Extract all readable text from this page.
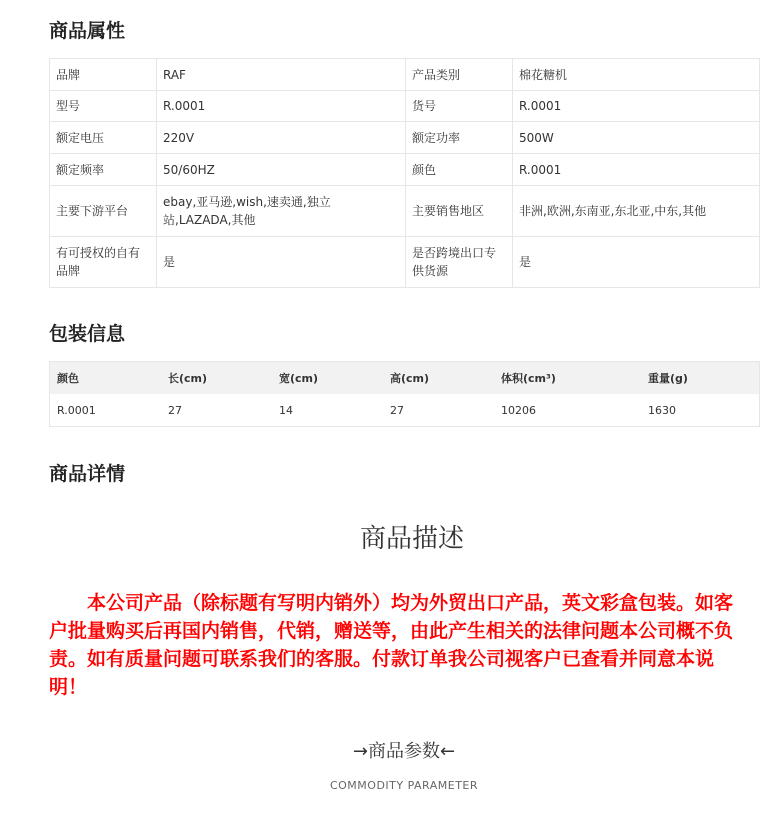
商品属性
品牌	RAF	产品类别	棉花糖机
型号	R.0001	货号	R.0001
额定电压	220V	额定功率	500W
额定频率	50/60HZ	颜色	R.0001
主要下游平台	ebay,亚马逊,wish,速卖通,独立站,LAZADA,其他	主要销售地区	非洲,欧洲,东南亚,东北亚,中东,其他
有可授权的自有品牌	是	是否跨境出口专供货源	是
包装信息
颜色	长(cm)	宽(cm)	高(cm)	体积(cm³)	重量(g)
R.0001	27	14	27	10206	1630
商品详情
商品描述

本公司产品（除标题有写明内销外）均为外贸出口产品，英文彩盒包装。如客户批量购买后再国内销售，代销，赠送等，由此产生相关的法律问题本公司概不负责。如有质量问题可联系我们的客服。付款订单我公司视客户已查看并同意本说明！

→商品参数←
COMMODITY PARAMETER
